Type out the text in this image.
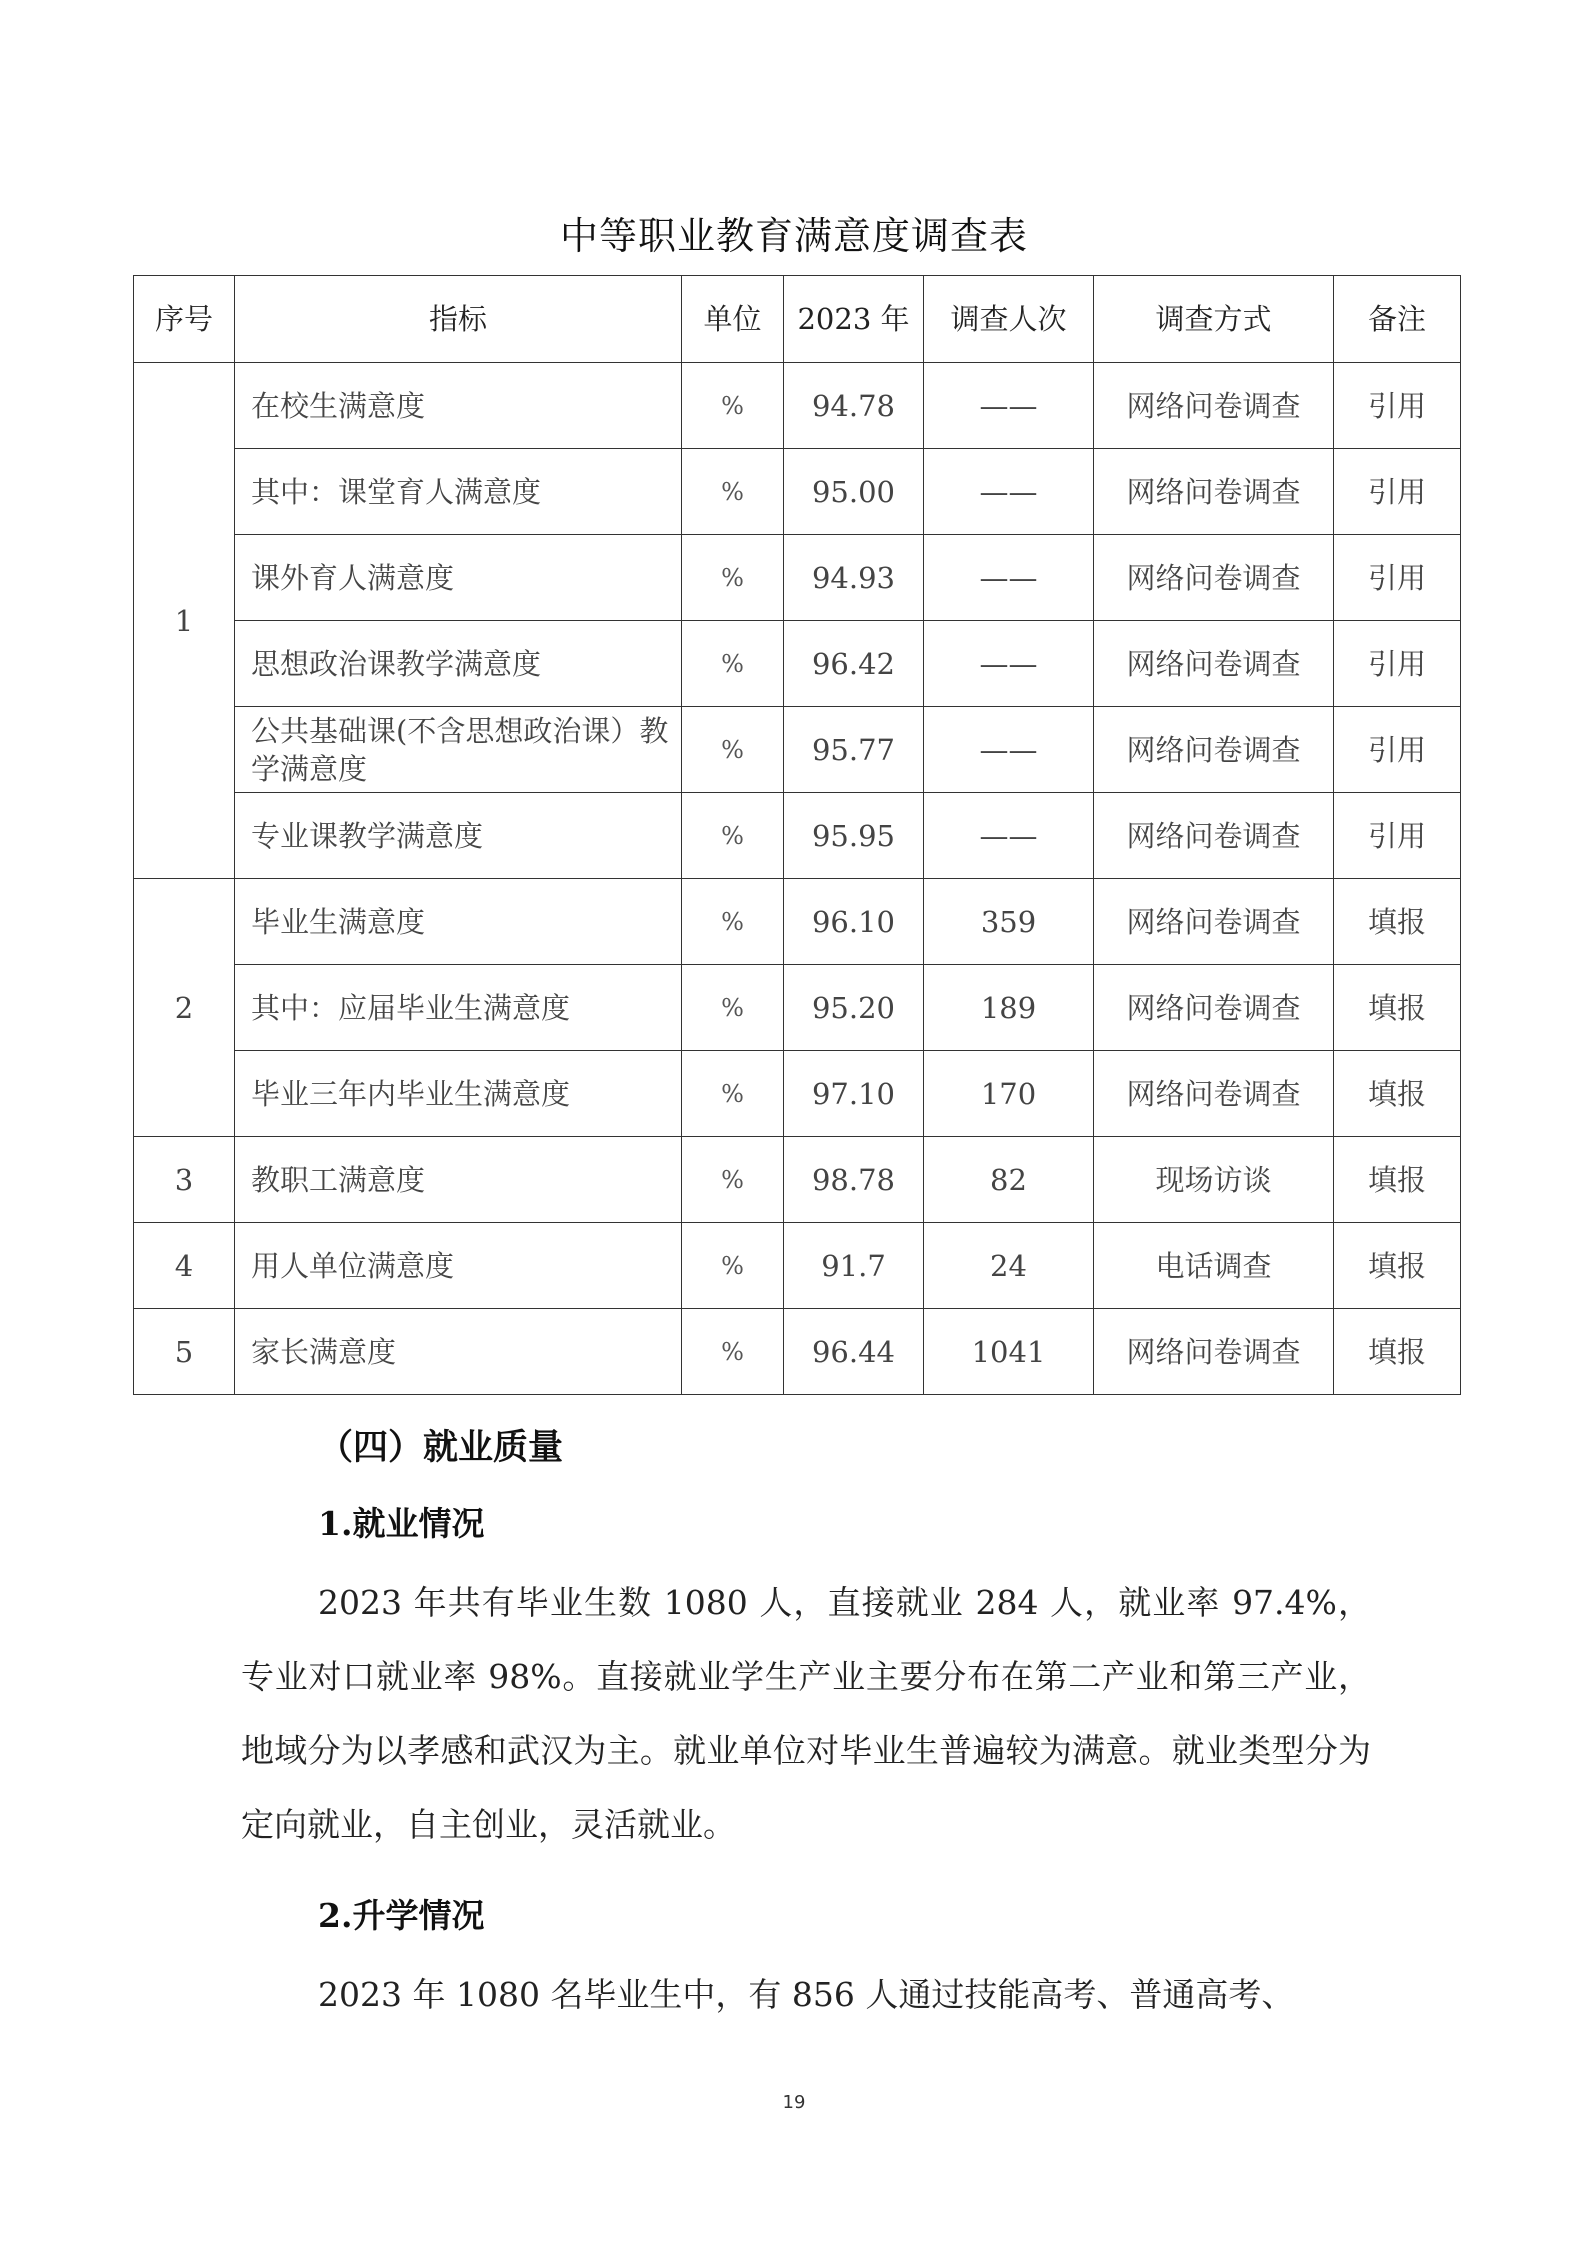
中等职业教育满意度调查表
序号	指标	单位	2023 年	调查人次	调查方式	备注
1	在校生满意度	%	94.78	——	网络问卷调查	引用
	其中：课堂育人满意度	%	95.00	——	网络问卷调查	引用
	课外育人满意度	%	94.93	——	网络问卷调查	引用
	思想政治课教学满意度	%	96.42	——	网络问卷调查	引用
	公共基础课(不含思想政治课）教学满意度	%	95.77	——	网络问卷调查	引用
	专业课教学满意度	%	95.95	——	网络问卷调查	引用
2	毕业生满意度	%	96.10	359	网络问卷调查	填报
	其中：应届毕业生满意度	%	95.20	189	网络问卷调查	填报
	毕业三年内毕业生满意度	%	97.10	170	网络问卷调查	填报
3	教职工满意度	%	98.78	82	现场访谈	填报
4	用人单位满意度	%	91.7	24	电话调查	填报
5	家长满意度	%	96.44	1041	网络问卷调查	填报
（四）就业质量
1.就业情况

2023 年共有毕业生数 1080 人，直接就业 284 人，就业率 97.4%，专业对口就业率 98%。直接就业学生产业主要分布在第二产业和第三产业，地域分为以孝感和武汉为主。就业单位对毕业生普遍较为满意。就业类型分为定向就业，自主创业，灵活就业。

2.升学情况

2023 年 1080 名毕业生中，有 856 人通过技能高考、普通高考、

19
